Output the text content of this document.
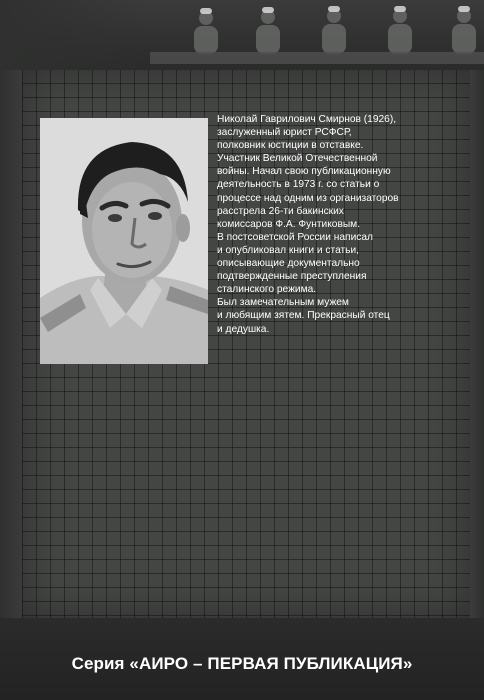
Николай Гаврилович Смирнов (1926),

заслуженный юрист РСФСР,

полковник юстиции в отставке.

Участник Великой Отечественной

войны. Начал свою публикационную

деятельность в 1973 г. со статьи о

процессе над одним из организаторов

расстрела 26-ти бакинских

комиссаров Ф.А. Фунтиковым.

В постсоветской России написал

и опубликовал книги и статьи,

описывающие документально

подтвержденные преступления

сталинского режима.

Был замечательным мужем

и любящим зятем. Прекрасный отец

и дедушка.

Серия «АИРО – ПЕРВАЯ ПУБЛИКАЦИЯ»
